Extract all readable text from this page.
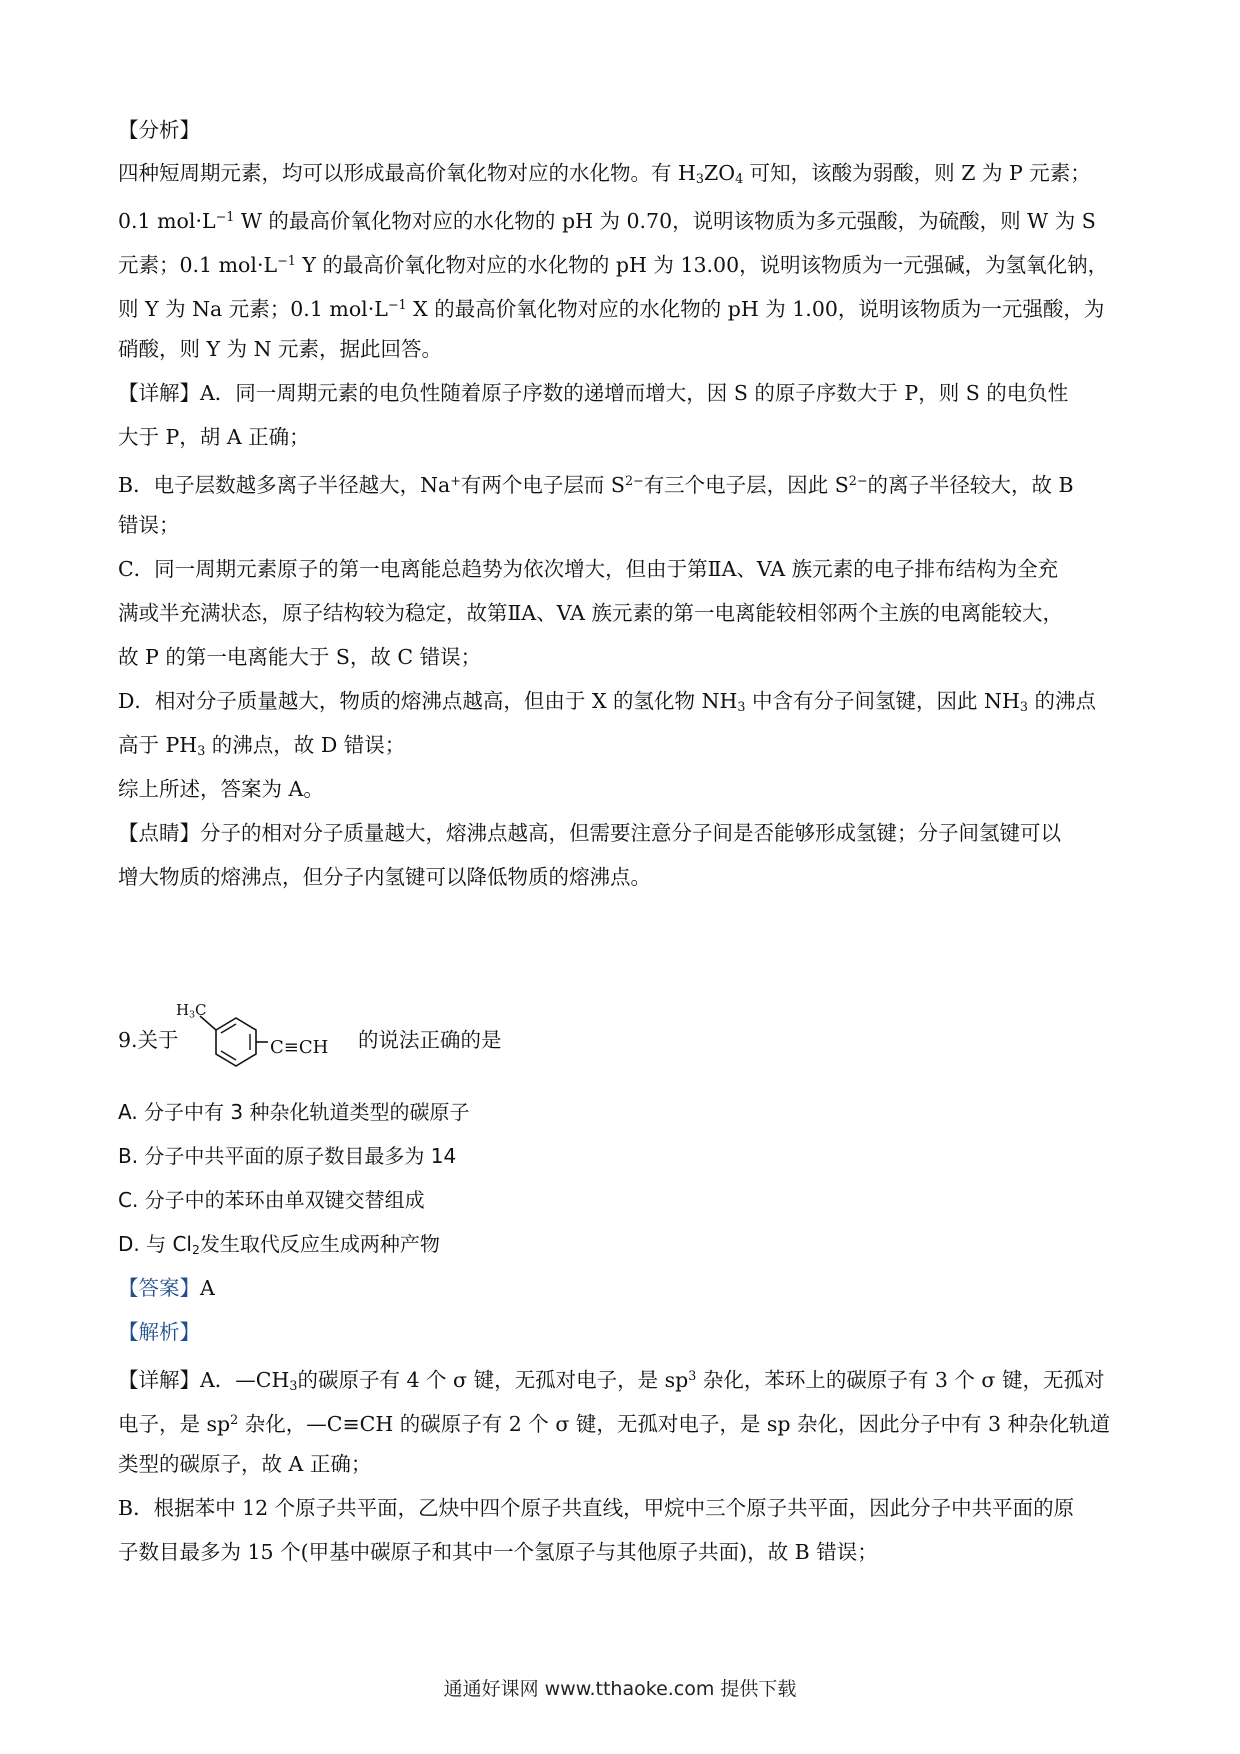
【分析】
四种短周期元素，均可以形成最高价氧化物对应的水化物。有 $H_3ZO_4$ 可知，该酸为弱酸，则 Z 为 P 元素；
0.1 $mol\cdot L^{-1}$ W 的最高价氧化物对应的水化物的 pH 为 0.70，说明该物质为多元强酸，为硫酸，则 W 为 S
元素；0.1 $mol\cdot L^{-1}$ Y 的最高价氧化物对应的水化物的 pH 为 13.00，说明该物质为一元强碱，为氢氧化钠，
则 Y 为 Na 元素；0.1 $mol\cdot L^{-1}$ X 的最高价氧化物对应的水化物的 pH 为 1.00，说明该物质为一元强酸，为
硝酸，则 Y 为 N 元素，据此回答。
【详解】A．同一周期元素的电负性随着原子序数的递增而增大，因 S 的原子序数大于 P，则 S 的电负性
大于 P，胡 A 正确；
B．电子层数越多离子半径越大，Na+有两个电子层而 $S^{2-}$有三个电子层，因此 $S^{2-}$的离子半径较大，故 B
错误；
C．同一周期元素原子的第一电离能总趋势为依次增大，但由于第ⅡA、VA 族元素的电子排布结构为全充
满或半充满状态，原子结构较为稳定，故第ⅡA、VA 族元素的第一电离能较相邻两个主族的电离能较大，
故 P 的第一电离能大于 S，故 C 错误；
D．相对分子质量越大，物质的熔沸点越高，但由于 X 的氢化物 $NH_3$ 中含有分子间氢键，因此 $NH_3$ 的沸点
高于 $PH_3$ 的沸点，故 D 错误；
综上所述，答案为 A。
【点睛】分子的相对分子质量越大，熔沸点越高，但需要注意分子间是否能够形成氢键；分子间氢键可以
增大物质的熔沸点，但分子内氢键可以降低物质的熔沸点。
9.关于	的说法正确的是
$H_3C$
C≡CH
A. 分子中有 3 种杂化轨道类型的碳原子
B. 分子中共平面的原子数目最多为 14
C. 分子中的苯环由单双键交替组成
D. 与 $Cl_2$发生取代反应生成两种产物
【答案】A
【解析】
【详解】A．$—CH_3$的碳原子有 4 个 σ 键，无孤对电子，是 $sp^3$ 杂化，苯环上的碳原子有 3 个 σ 键，无孤对
电子，是 $sp^2$ 杂化，—C≡CH 的碳原子有 2 个 σ 键，无孤对电子，是 sp 杂化，因此分子中有 3 种杂化轨道
类型的碳原子，故 A 正确；
B．根据苯中 12 个原子共平面，乙炔中四个原子共直线，甲烷中三个原子共平面，因此分子中共平面的原
子数目最多为 15 个(甲基中碳原子和其中一个氢原子与其他原子共面)，故 B 错误；
通通好课网 www.tthaoke.com 提供下载
